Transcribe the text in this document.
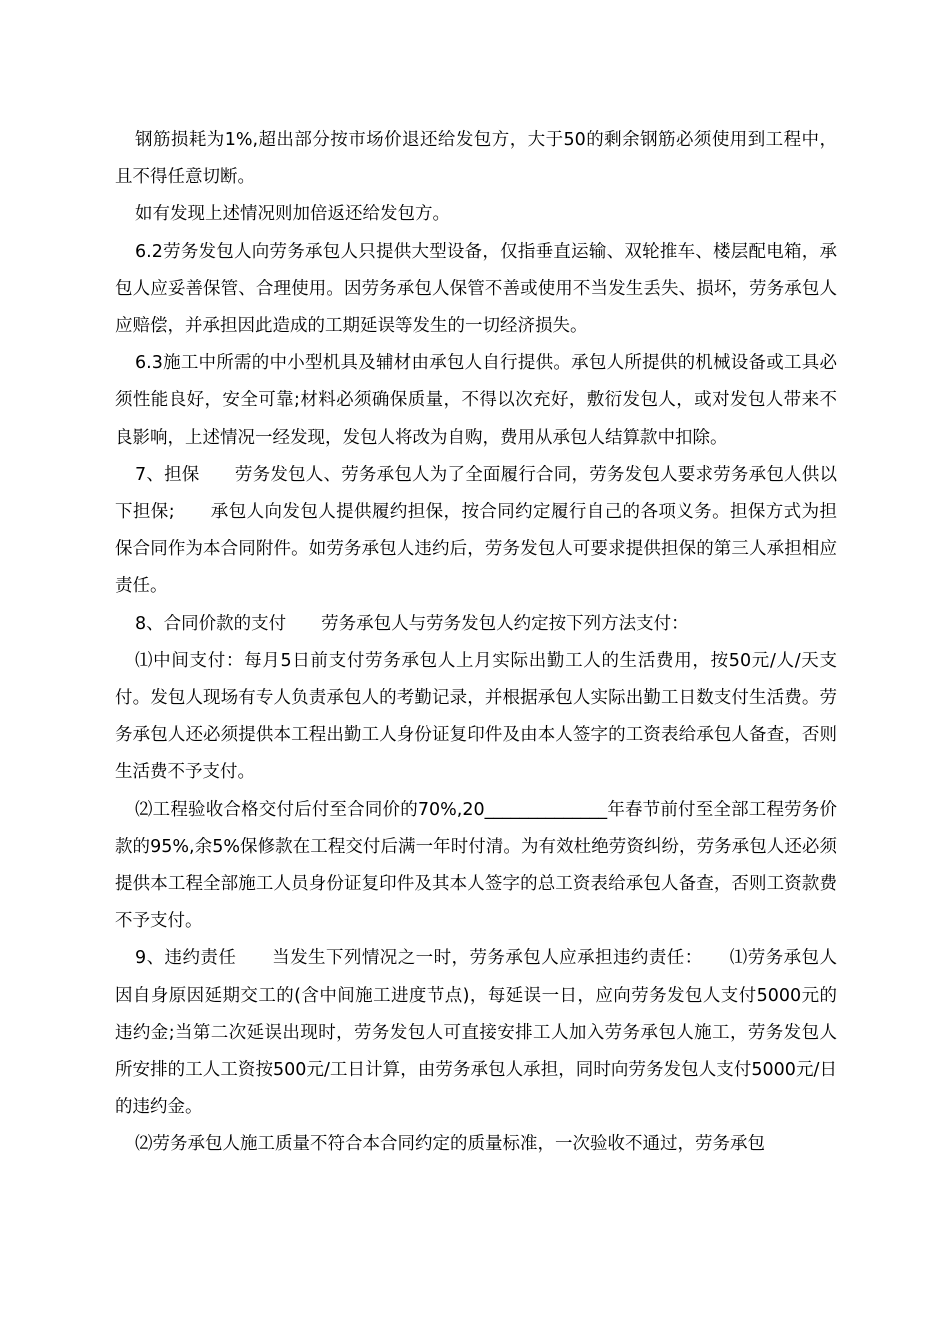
钢筋损耗为1%,超出部分按市场价退还给发包方，大于50的剩余钢筋必须使用到工程中，且不得任意切断。

如有发现上述情况则加倍返还给发包方。

6.2劳务发包人向劳务承包人只提供大型设备，仅指垂直运输、双轮推车、楼层配电箱，承包人应妥善保管、合理使用。因劳务承包人保管不善或使用不当发生丢失、损坏，劳务承包人应赔偿，并承担因此造成的工期延误等发生的一切经济损失。

6.3施工中所需的中小型机具及辅材由承包人自行提供。承包人所提供的机械设备或工具必须性能良好，安全可靠;材料必须确保质量，不得以次充好，敷衍发包人，或对发包人带来不良影响，上述情况一经发现，发包人将改为自购，费用从承包人结算款中扣除。

7、担保　　劳务发包人、劳务承包人为了全面履行合同，劳务发包人要求劳务承包人供以下担保;　　承包人向发包人提供履约担保，按合同约定履行自己的各项义务。担保方式为担保合同作为本合同附件。如劳务承包人违约后，劳务发包人可要求提供担保的第三人承担相应责任。

8、合同价款的支付　　劳务承包人与劳务发包人约定按下列方法支付：

⑴中间支付：每月5日前支付劳务承包人上月实际出勤工人的生活费用，按50元/人/天支付。发包人现场有专人负责承包人的考勤记录，并根据承包人实际出勤工日数支付生活费。劳务承包人还必须提供本工程出勤工人身份证复印件及由本人签字的工资表给承包人备查，否则生活费不予支付。

⑵工程验收合格交付后付至合同价的70%,20______________年春节前付至全部工程劳务价款的95%,余5%保修款在工程交付后满一年时付清。为有效杜绝劳资纠纷，劳务承包人还必须提供本工程全部施工人员身份证复印件及其本人签字的总工资表给承包人备查，否则工资款费不予支付。

9、违约责任　　当发生下列情况之一时，劳务承包人应承担违约责任：　　⑴劳务承包人因自身原因延期交工的(含中间施工进度节点)，每延误一日，应向劳务发包人支付5000元的违约金;当第二次延误出现时，劳务发包人可直接安排工人加入劳务承包人施工，劳务发包人所安排的工人工资按500元/工日计算，由劳务承包人承担，同时向劳务发包人支付5000元/日的违约金。

⑵劳务承包人施工质量不符合本合同约定的质量标准，一次验收不通过，劳务承包
